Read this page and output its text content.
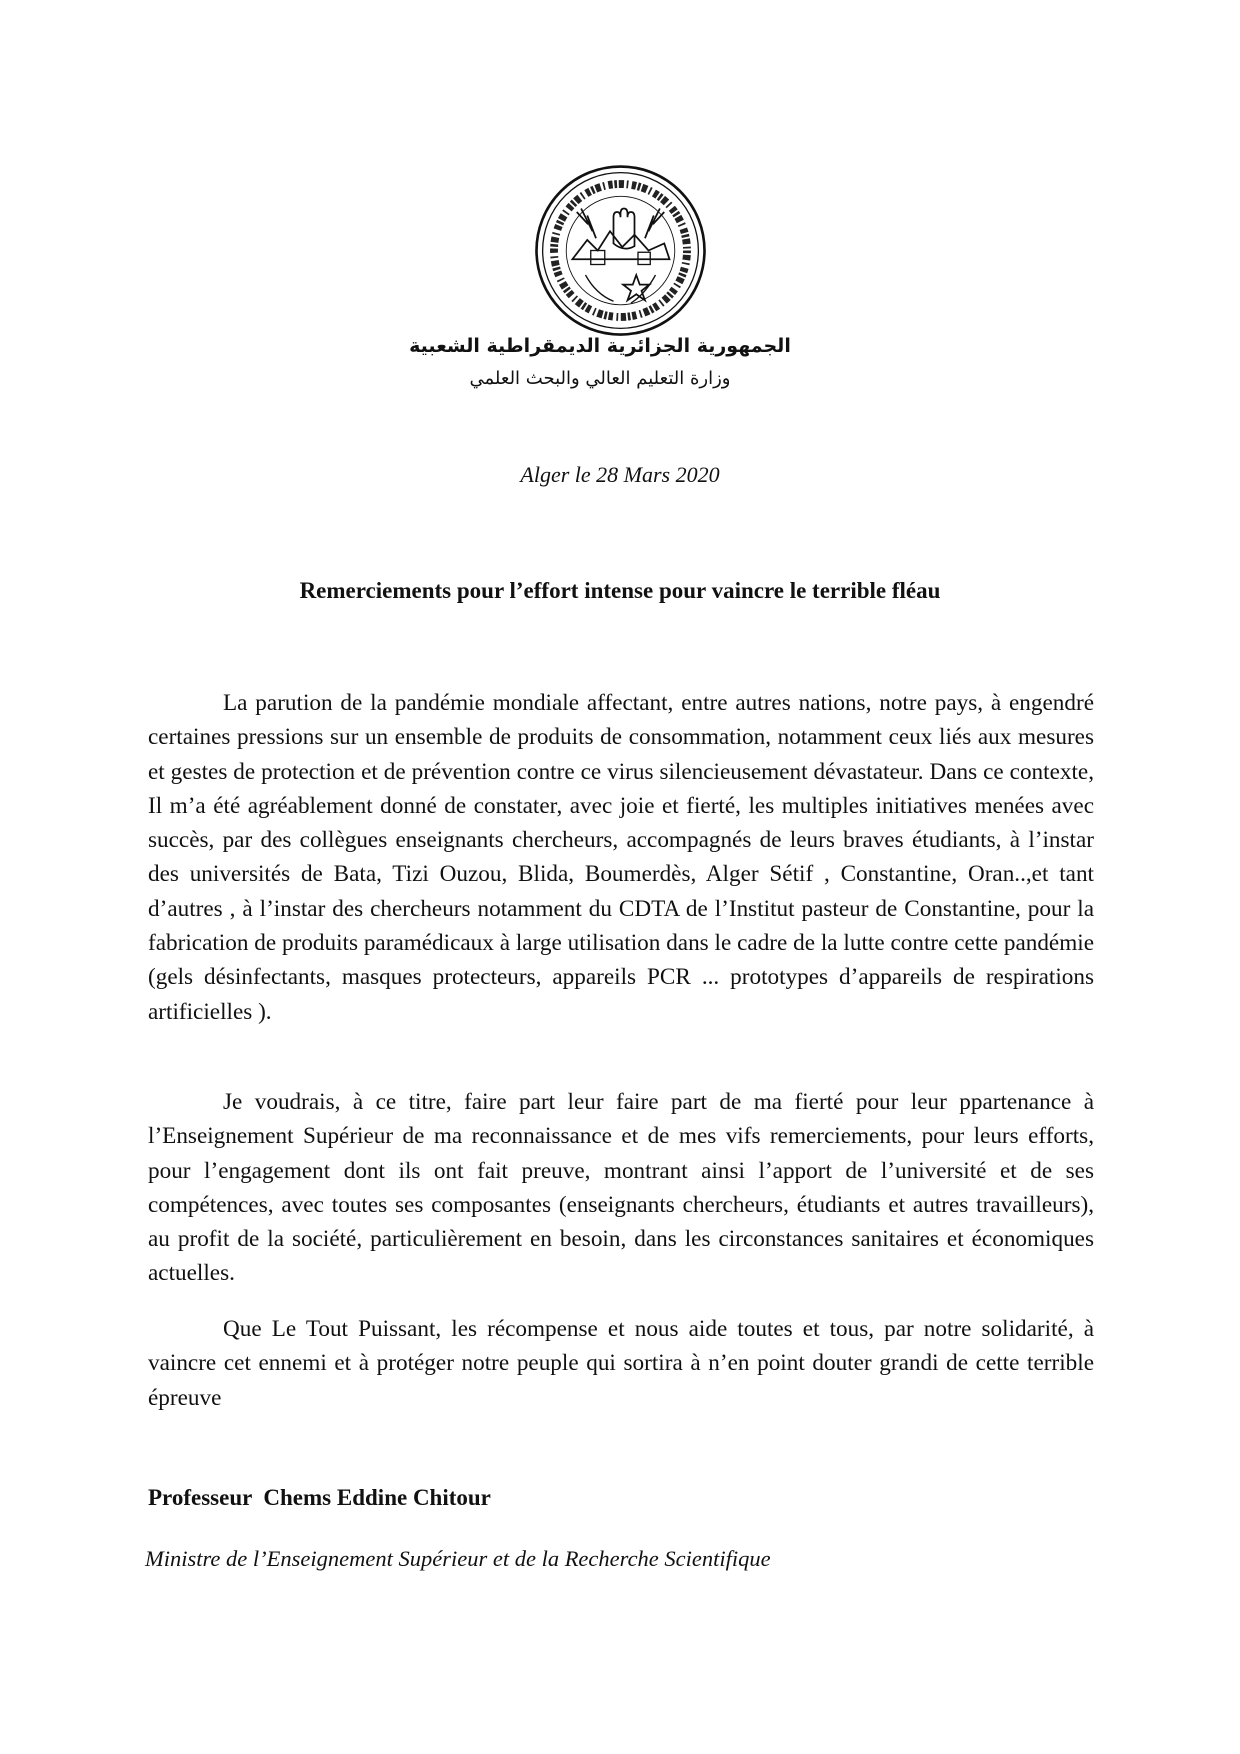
الجمهورية الجزائرية الديمقراطية الشعبية
وزارة التعليم العالي والبحث العلمي
Alger le 28 Mars 2020
Remerciements pour l’effort intense pour vaincre le terrible fléau

La parution de la pandémie mondiale affectant, entre autres nations, notre pays, à engendré certaines pressions sur un ensemble de produits de consommation, notamment ceux liés aux mesures et gestes de protection et de prévention contre ce virus silencieusement dévastateur. Dans ce contexte, Il m’a été agréablement donné de constater, avec joie et fierté, les multiples initiatives menées avec succès, par des collègues enseignants chercheurs, accompagnés de leurs braves étudiants, à l’instar des universités de Bata, Tizi Ouzou, Blida, Boumerdès, Alger Sétif , Constantine, Oran..,et tant d’autres , à l’instar des chercheurs notamment du CDTA de l’Institut pasteur de Constantine, pour la fabrication de produits paramédicaux à large utilisation dans le cadre de la lutte contre cette pandémie (gels désinfectants, masques protecteurs, appareils PCR ... prototypes d’appareils de respirations artificielles ).

Je voudrais, à ce titre, faire part leur faire part de ma fierté pour leur ppartenance à l’Enseignement Supérieur de ma reconnaissance et de mes vifs remerciements, pour leurs efforts, pour l’engagement dont ils ont fait preuve, montrant ainsi l’apport de l’université et de ses compétences, avec toutes ses composantes (enseignants chercheurs, étudiants et autres travailleurs), au profit de la société, particulièrement en besoin, dans les circonstances sanitaires et économiques actuelles.

Que Le Tout Puissant, les récompense et nous aide toutes et tous, par notre solidarité, à vaincre cet ennemi et à protéger notre peuple qui sortira à n’en point douter grandi de cette terrible épreuve

Professeur  Chems Eddine Chitour
Ministre de l’Enseignement Supérieur et de la Recherche Scientifique
